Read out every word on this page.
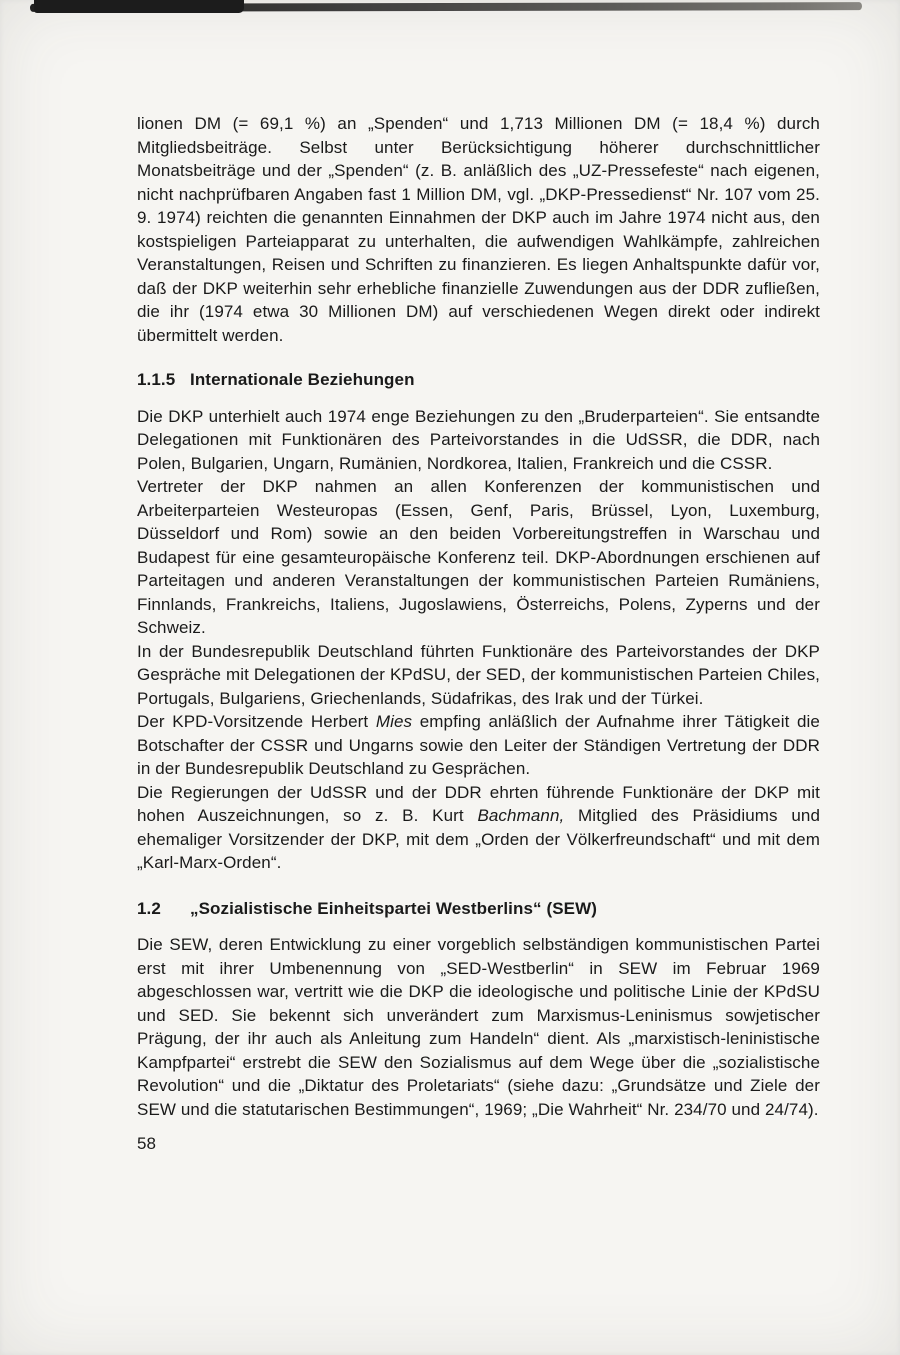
lionen DM (= 69,1 %) an „Spenden“ und 1,713 Millionen DM (= 18,4 %) durch Mitgliedsbeiträge. Selbst unter Berücksichtigung höherer durchschnittlicher Monatsbeiträge und der „Spenden“ (z. B. anläßlich des „UZ-Pressefeste“ nach eigenen, nicht nachprüfbaren Angaben fast 1 Million DM, vgl. „DKP-Pressedienst“ Nr. 107 vom 25. 9. 1974) reichten die genannten Einnahmen der DKP auch im Jahre 1974 nicht aus, den kostspieligen Parteiapparat zu unterhalten, die aufwendigen Wahlkämpfe, zahlreichen Veranstaltungen, Reisen und Schriften zu finanzieren. Es liegen Anhaltspunkte dafür vor, daß der DKP weiterhin sehr erhebliche finanzielle Zuwendungen aus der DDR zufließen, die ihr (1974 etwa 30 Millionen DM) auf verschiedenen Wegen direkt oder indirekt übermittelt werden.

1.1.5 Internationale Beziehungen

Die DKP unterhielt auch 1974 enge Beziehungen zu den „Bruderparteien“. Sie entsandte Delegationen mit Funktionären des Parteivorstandes in die UdSSR, die DDR, nach Polen, Bulgarien, Ungarn, Rumänien, Nordkorea, Italien, Frankreich und die CSSR.

Vertreter der DKP nahmen an allen Konferenzen der kommunistischen und Arbeiterparteien Westeuropas (Essen, Genf, Paris, Brüssel, Lyon, Luxemburg, Düsseldorf und Rom) sowie an den beiden Vorbereitungstreffen in Warschau und Budapest für eine gesamteuropäische Konferenz teil. DKP-Abordnungen erschienen auf Parteitagen und anderen Veranstaltungen der kommunistischen Parteien Rumäniens, Finnlands, Frankreichs, Italiens, Jugoslawiens, Österreichs, Polens, Zyperns und der Schweiz.

In der Bundesrepublik Deutschland führten Funktionäre des Parteivorstandes der DKP Gespräche mit Delegationen der KPdSU, der SED, der kommunistischen Parteien Chiles, Portugals, Bulgariens, Griechenlands, Südafrikas, des Irak und der Türkei.

Der KPD-Vorsitzende Herbert Mies empfing anläßlich der Aufnahme ihrer Tätigkeit die Botschafter der CSSR und Ungarns sowie den Leiter der Ständigen Vertretung der DDR in der Bundesrepublik Deutschland zu Gesprächen.

Die Regierungen der UdSSR und der DDR ehrten führende Funktionäre der DKP mit hohen Auszeichnungen, so z. B. Kurt Bachmann, Mitglied des Präsidiums und ehemaliger Vorsitzender der DKP, mit dem „Orden der Völkerfreundschaft“ und mit dem „Karl-Marx-Orden“.

1.2	„Sozialistische Einheitspartei Westberlins“ (SEW)

Die SEW, deren Entwicklung zu einer vorgeblich selbständigen kommunistischen Partei erst mit ihrer Umbenennung von „SED-Westberlin“ in SEW im Februar 1969 abgeschlossen war, vertritt wie die DKP die ideologische und politische Linie der KPdSU und SED. Sie bekennt sich unverändert zum Marxismus-Leninismus sowjetischer Prägung, der ihr auch als Anleitung zum Handeln“ dient. Als „marxistisch-leninistische Kampfpartei“ erstrebt die SEW den Sozialismus auf dem Wege über die „sozialistische Revolution“ und die „Diktatur des Proletariats“ (siehe dazu: „Grundsätze und Ziele der SEW und die statutarischen Bestimmungen“, 1969; „Die Wahrheit“ Nr. 234/70 und 24/74).

58
